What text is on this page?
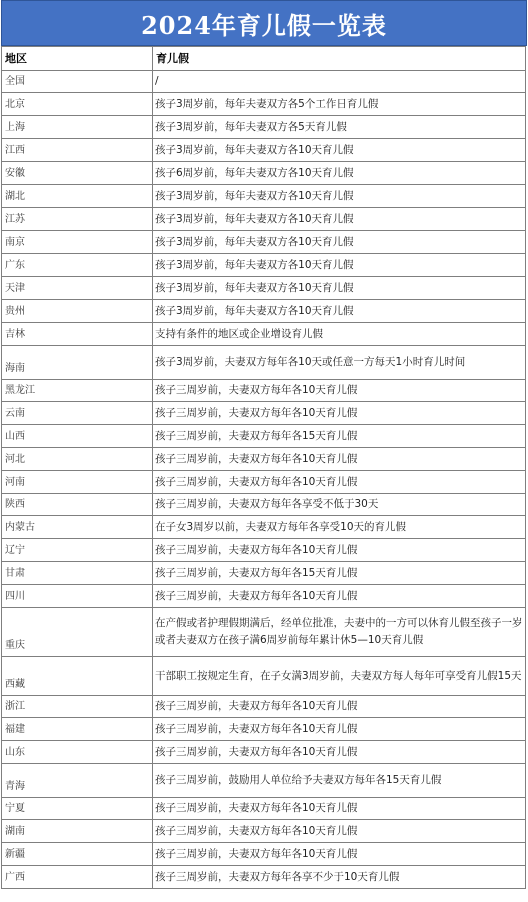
2024年育儿假一览表
地区	育儿假
全国	/
北京	孩子3周岁前，每年夫妻双方各5个工作日育儿假
上海	孩子3周岁前，每年夫妻双方各5天育儿假
江西	孩子3周岁前，每年夫妻双方各10天育儿假
安徽	孩子6周岁前，每年夫妻双方各10天育儿假
湖北	孩子3周岁前，每年夫妻双方各10天育儿假
江苏	孩子3周岁前，每年夫妻双方各10天育儿假
南京	孩子3周岁前，每年夫妻双方各10天育儿假
广东	孩子3周岁前，每年夫妻双方各10天育儿假
天津	孩子3周岁前，每年夫妻双方各10天育儿假
贵州	孩子3周岁前，每年夫妻双方各10天育儿假
吉林	支持有条件的地区或企业增设育儿假
海南	孩子3周岁前，夫妻双方每年各10天或任意一方每天1小时育儿时间
黑龙江	孩子三周岁前，夫妻双方每年各10天育儿假
云南	孩子三周岁前，夫妻双方每年各10天育儿假
山西	孩子三周岁前，夫妻双方每年各15天育儿假
河北	孩子三周岁前，夫妻双方每年各10天育儿假
河南	孩子三周岁前，夫妻双方每年各10天育儿假
陕西	孩子三周岁前，夫妻双方每年各享受不低于30天
内蒙古	在子女3周岁以前，夫妻双方每年各享受10天的育儿假
辽宁	孩子三周岁前，夫妻双方每年各10天育儿假
甘肃	孩子三周岁前，夫妻双方每年各15天育儿假
四川	孩子三周岁前，夫妻双方每年各10天育儿假
重庆	在产假或者护理假期满后，经单位批准，夫妻中的一方可以休育儿假至孩子一岁或者夫妻双方在孩子满6周岁前每年累计休5—10天育儿假
西藏	干部职工按规定生育，在子女满3周岁前，夫妻双方每人每年可享受育儿假15天
浙江	孩子三周岁前，夫妻双方每年各10天育儿假
福建	孩子三周岁前，夫妻双方每年各10天育儿假
山东	孩子三周岁前，夫妻双方每年各10天育儿假
青海	孩子三周岁前，鼓励用人单位给予夫妻双方每年各15天育儿假
宁夏	孩子三周岁前，夫妻双方每年各10天育儿假
湖南	孩子三周岁前，夫妻双方每年各10天育儿假
新疆	孩子三周岁前，夫妻双方每年各10天育儿假
广西	孩子三周岁前，夫妻双方每年各享不少于10天育儿假
